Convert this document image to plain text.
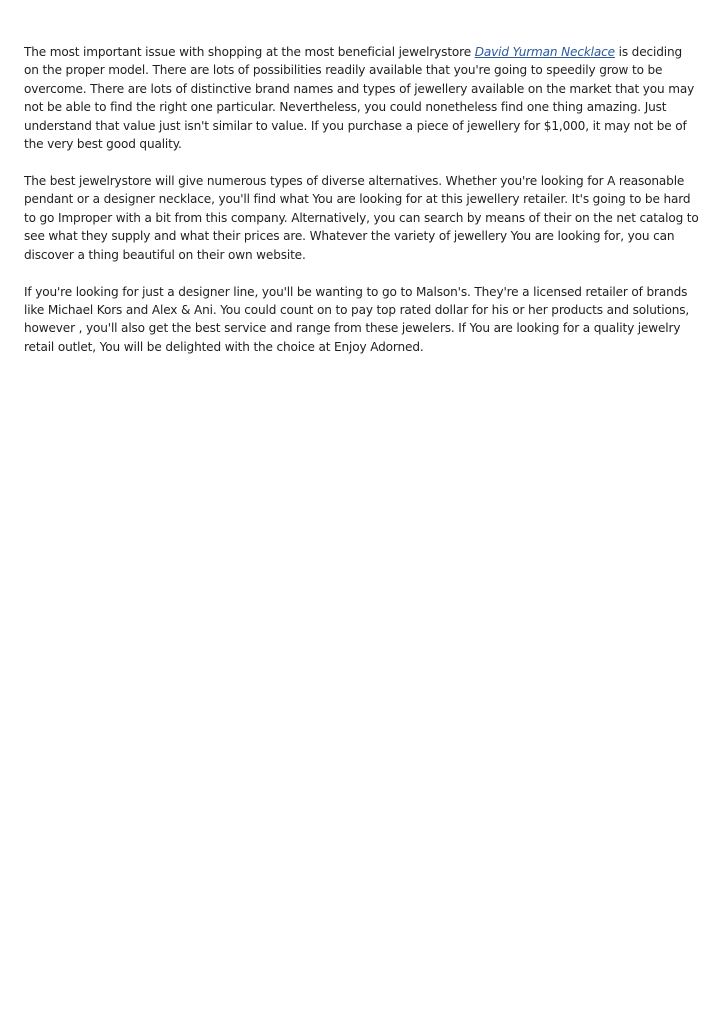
The most important issue with shopping at the most beneficial jewelrystore David Yurman Necklace is deciding on the proper model. There are lots of possibilities readily available that you're going to speedily grow to be overcome. There are lots of distinctive brand names and types of jewellery available on the market that you may not be able to find the right one particular. Nevertheless, you could nonetheless find one thing amazing. Just understand that value just isn't similar to value. If you purchase a piece of jewellery for $1,000, it may not be of the very best good quality.

The best jewelrystore will give numerous types of diverse alternatives. Whether you're looking for A reasonable pendant or a designer necklace, you'll find what You are looking for at this jewellery retailer. It's going to be hard to go Improper with a bit from this company. Alternatively, you can search by means of their on the net catalog to see what they supply and what their prices are. Whatever the variety of jewellery You are looking for, you can discover a thing beautiful on their own website.

If you're looking for just a designer line, you'll be wanting to go to Malson's. They're a licensed retailer of brands like Michael Kors and Alex & Ani. You could count on to pay top rated dollar for his or her products and solutions, however , you'll also get the best service and range from these jewelers. If You are looking for a quality jewelry retail outlet, You will be delighted with the choice at Enjoy Adorned.
